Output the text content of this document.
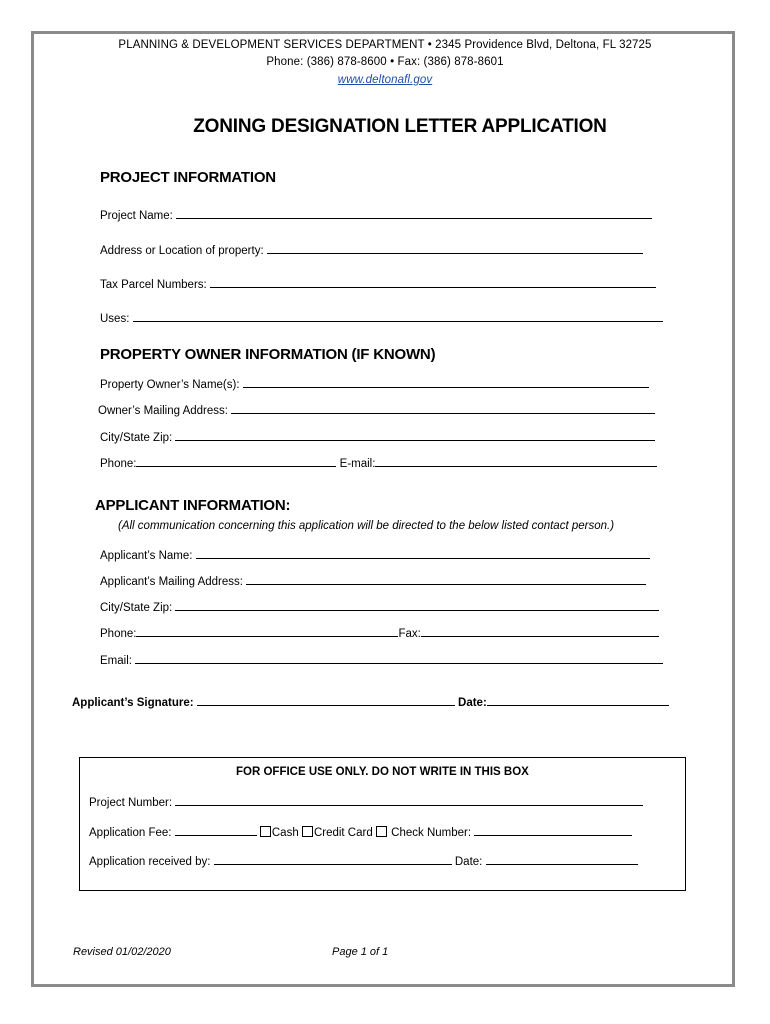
PLANNING & DEVELOPMENT SERVICES DEPARTMENT • 2345 Providence Blvd, Deltona, FL 32725
Phone: (386) 878-8600 • Fax: (386) 878-8601
www.deltonafl.gov
ZONING DESIGNATION LETTER APPLICATION
PROJECT INFORMATION
Project Name:
Address or Location of property:
Tax Parcel Numbers:
Uses:
PROPERTY OWNER INFORMATION (IF KNOWN)
Property Owner’s Name(s):
Owner’s Mailing Address:
City/State Zip:
Phone:	E-mail:
APPLICANT INFORMATION:
(All communication concerning this application will be directed to the below listed contact person.)
Applicant’s Name:
Applicant’s Mailing Address:
City/State Zip:
Phone:	Fax:
Email:
Applicant’s Signature:	Date:
FOR OFFICE USE ONLY. DO NOT WRITE IN THIS BOX
Project Number:
Application Fee:	Cash Credit Card Check Number:
Application received by:	Date:
Revised 01/02/2020	Page 1 of 1
